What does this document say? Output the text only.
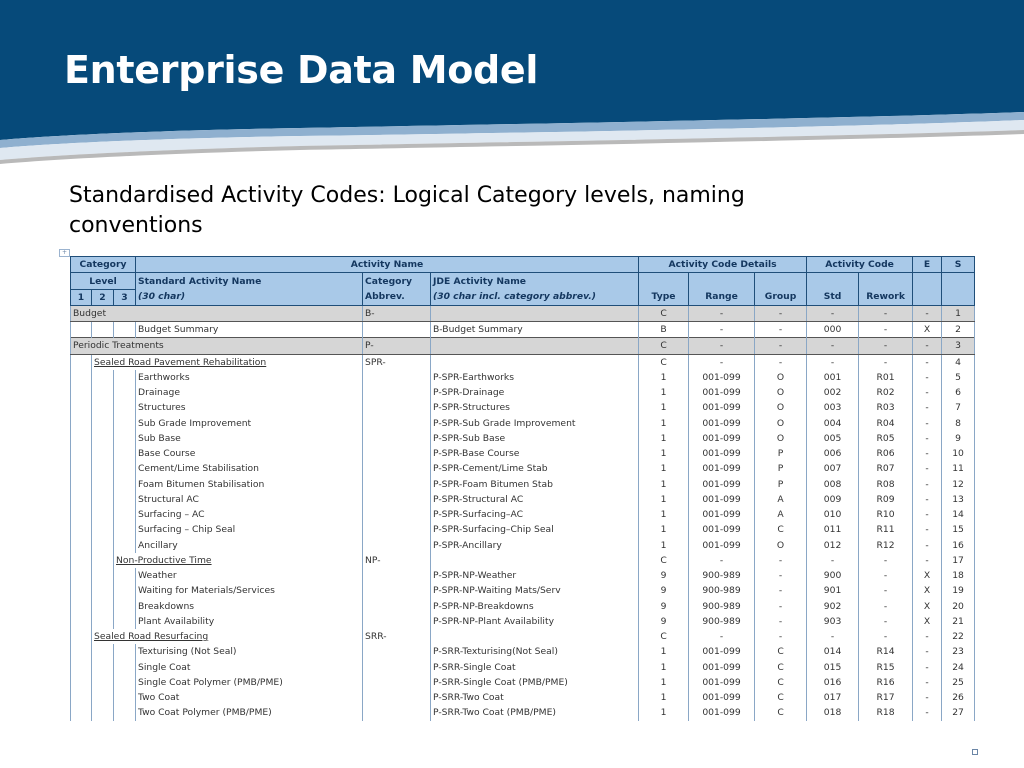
Enterprise Data Model

Standardised Activity Codes: Logical Category levels, naming conventions

+
Category			Activity Name			Activity Code Details			Activity Code		E	S
Level			Standard Activity Name	Category	JDE Activity Name							
1	2	3	(30 char)	Abbrev.	(30 char incl. category abbrev.)	Type	Range	Group	Std	Rework		
Budget				B-		C	-	-	-	-	-	1
			Budget Summary		B-Budget Summary	B	-	-	000	-	X	2
Periodic Treatments				P-		C	-	-	-	-	-	3
	Sealed Road Pavement Rehabilitation			SPR-		C	-	-	-	-	-	4
			Earthworks		P-SPR-Earthworks	1	001-099	O	001	R01	-	5
			Drainage		P-SPR-Drainage	1	001-099	O	002	R02	-	6
			Structures		P-SPR-Structures	1	001-099	O	003	R03	-	7
			Sub Grade Improvement		P-SPR-Sub Grade Improvement	1	001-099	O	004	R04	-	8
			Sub Base		P-SPR-Sub Base	1	001-099	O	005	R05	-	9
			Base Course		P-SPR-Base Course	1	001-099	P	006	R06	-	10
			Cement/Lime Stabilisation		P-SPR-Cement/Lime Stab	1	001-099	P	007	R07	-	11
			Foam Bitumen Stabilisation		P-SPR-Foam Bitumen Stab	1	001-099	P	008	R08	-	12
			Structural AC		P-SPR-Structural AC	1	001-099	A	009	R09	-	13
			Surfacing – AC		P-SPR-Surfacing–AC	1	001-099	A	010	R10	-	14
			Surfacing – Chip Seal		P-SPR-Surfacing–Chip Seal	1	001-099	C	011	R11	-	15
			Ancillary		P-SPR-Ancillary	1	001-099	O	012	R12	-	16
		Non-Productive Time		NP-		C	-	-	-	-	-	17
			Weather		P-SPR-NP-Weather	9	900-989	-	900	-	X	18
			Waiting for Materials/Services		P-SPR-NP-Waiting Mats/Serv	9	900-989	-	901	-	X	19
			Breakdowns		P-SPR-NP-Breakdowns	9	900-989	-	902	-	X	20
			Plant Availability		P-SPR-NP-Plant Availability	9	900-989	-	903	-	X	21
	Sealed Road Resurfacing			SRR-		C	-	-	-	-	-	22
			Texturising (Not Seal)		P-SRR-Texturising(Not Seal)	1	001-099	C	014	R14	-	23
			Single Coat		P-SRR-Single Coat	1	001-099	C	015	R15	-	24
			Single Coat Polymer (PMB/PME)		P-SRR-Single Coat (PMB/PME)	1	001-099	C	016	R16	-	25
			Two Coat		P-SRR-Two Coat	1	001-099	C	017	R17	-	26
			Two Coat Polymer (PMB/PME)		P-SRR-Two Coat (PMB/PME)	1	001-099	C	018	R18	-	27
